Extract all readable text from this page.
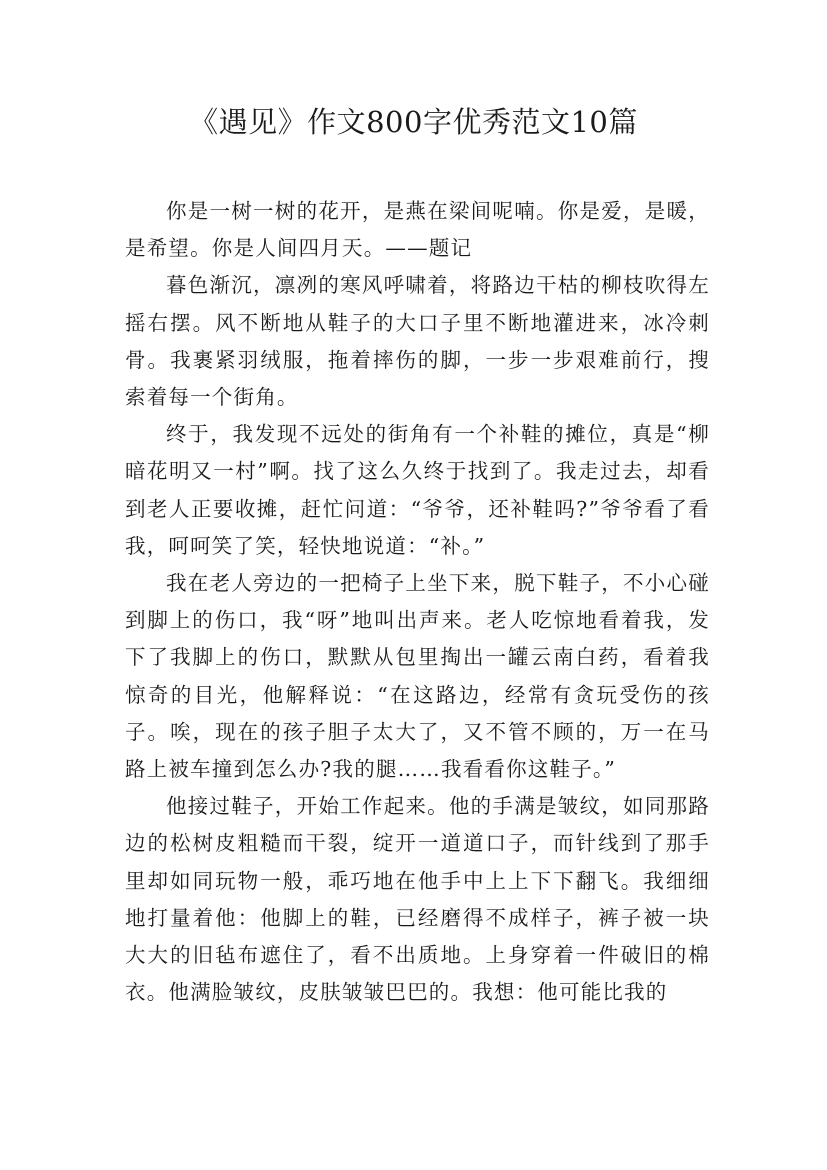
《遇见》作文800字优秀范文10篇

你是一树一树的花开，是燕在梁间呢喃。你是爱，是暖，是希望。你是人间四月天。——题记

暮色渐沉，凛冽的寒风呼啸着，将路边干枯的柳枝吹得左摇右摆。风不断地从鞋子的大口子里不断地灌进来，冰冷刺骨。我裹紧羽绒服，拖着摔伤的脚，一步一步艰难前行，搜索着每一个街角。

终于，我发现不远处的街角有一个补鞋的摊位，真是“柳暗花明又一村”啊。找了这么久终于找到了。我走过去，却看到老人正要收摊，赶忙问道：“爷爷，还补鞋吗?”爷爷看了看我，呵呵笑了笑，轻快地说道：“补。”

我在老人旁边的一把椅子上坐下来，脱下鞋子，不小心碰到脚上的伤口，我“呀”地叫出声来。老人吃惊地看着我，发下了我脚上的伤口，默默从包里掏出一罐云南白药，看着我惊奇的目光，他解释说：“在这路边，经常有贪玩受伤的孩子。唉，现在的孩子胆子太大了，又不管不顾的，万一在马路上被车撞到怎么办?我的腿……我看看你这鞋子。”

他接过鞋子，开始工作起来。他的手满是皱纹，如同那路边的松树皮粗糙而干裂，绽开一道道口子，而针线到了那手里却如同玩物一般，乖巧地在他手中上上下下翻飞。我细细地打量着他：他脚上的鞋，已经磨得不成样子，裤子被一块大大的旧毡布遮住了，看不出质地。上身穿着一件破旧的棉衣。他满脸皱纹，皮肤皱皱巴巴的。我想：他可能比我的
